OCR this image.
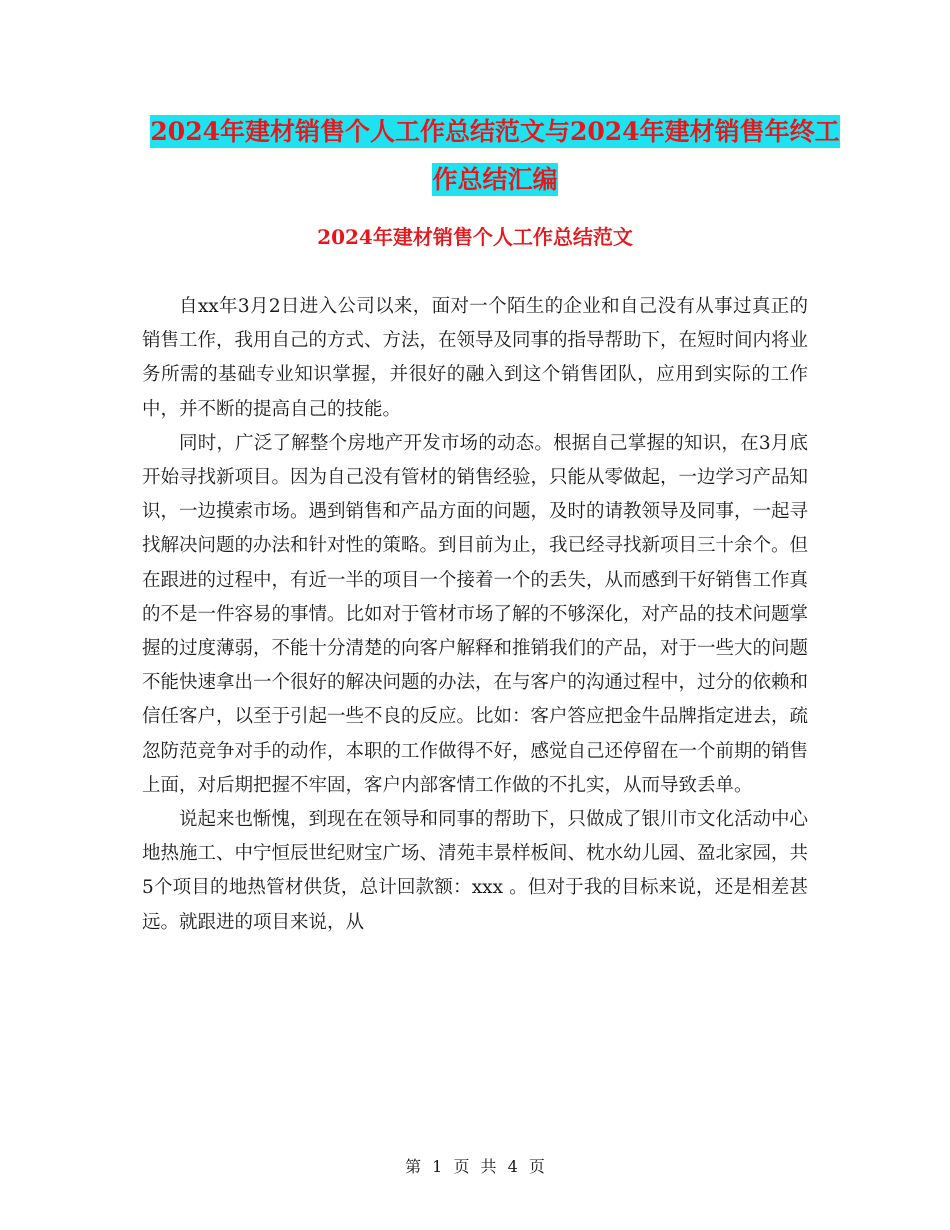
2024年建材销售个人工作总结范文与2024年建材销售年终工作总结汇编
2024年建材销售个人工作总结范文

自xx年3月2日进入公司以来，面对一个陌生的企业和自己没有从事过真正的销售工作，我用自己的方式、方法，在领导及同事的指导帮助下，在短时间内将业务所需的基础专业知识掌握，并很好的融入到这个销售团队，应用到实际的工作中，并不断的提高自己的技能。

同时，广泛了解整个房地产开发市场的动态。根据自己掌握的知识，在3月底开始寻找新项目。因为自己没有管材的销售经验，只能从零做起，一边学习产品知识，一边摸索市场。遇到销售和产品方面的问题，及时的请教领导及同事，一起寻找解决问题的办法和针对性的策略。到目前为止，我已经寻找新项目三十余个。但在跟进的过程中，有近一半的项目一个接着一个的丢失，从而感到干好销售工作真的不是一件容易的事情。比如对于管材市场了解的不够深化，对产品的技术问题掌握的过度薄弱，不能十分清楚的向客户解释和推销我们的产品，对于一些大的问题不能快速拿出一个很好的解决问题的办法，在与客户的沟通过程中，过分的依赖和信任客户，以至于引起一些不良的反应。比如：客户答应把金牛品牌指定进去，疏忽防范竞争对手的动作，本职的工作做得不好，感觉自己还停留在一个前期的销售上面，对后期把握不牢固，客户内部客情工作做的不扎实，从而导致丢单。

说起来也惭愧，到现在在领导和同事的帮助下，只做成了银川市文化活动中心地热施工、中宁恒辰世纪财宝广场、清苑丰景样板间、枕水幼儿园、盈北家园，共5个项目的地热管材供货，总计回款额：xxx 。但对于我的目标来说，还是相差甚远。就跟进的项目来说，从

第 1 页 共 4 页
